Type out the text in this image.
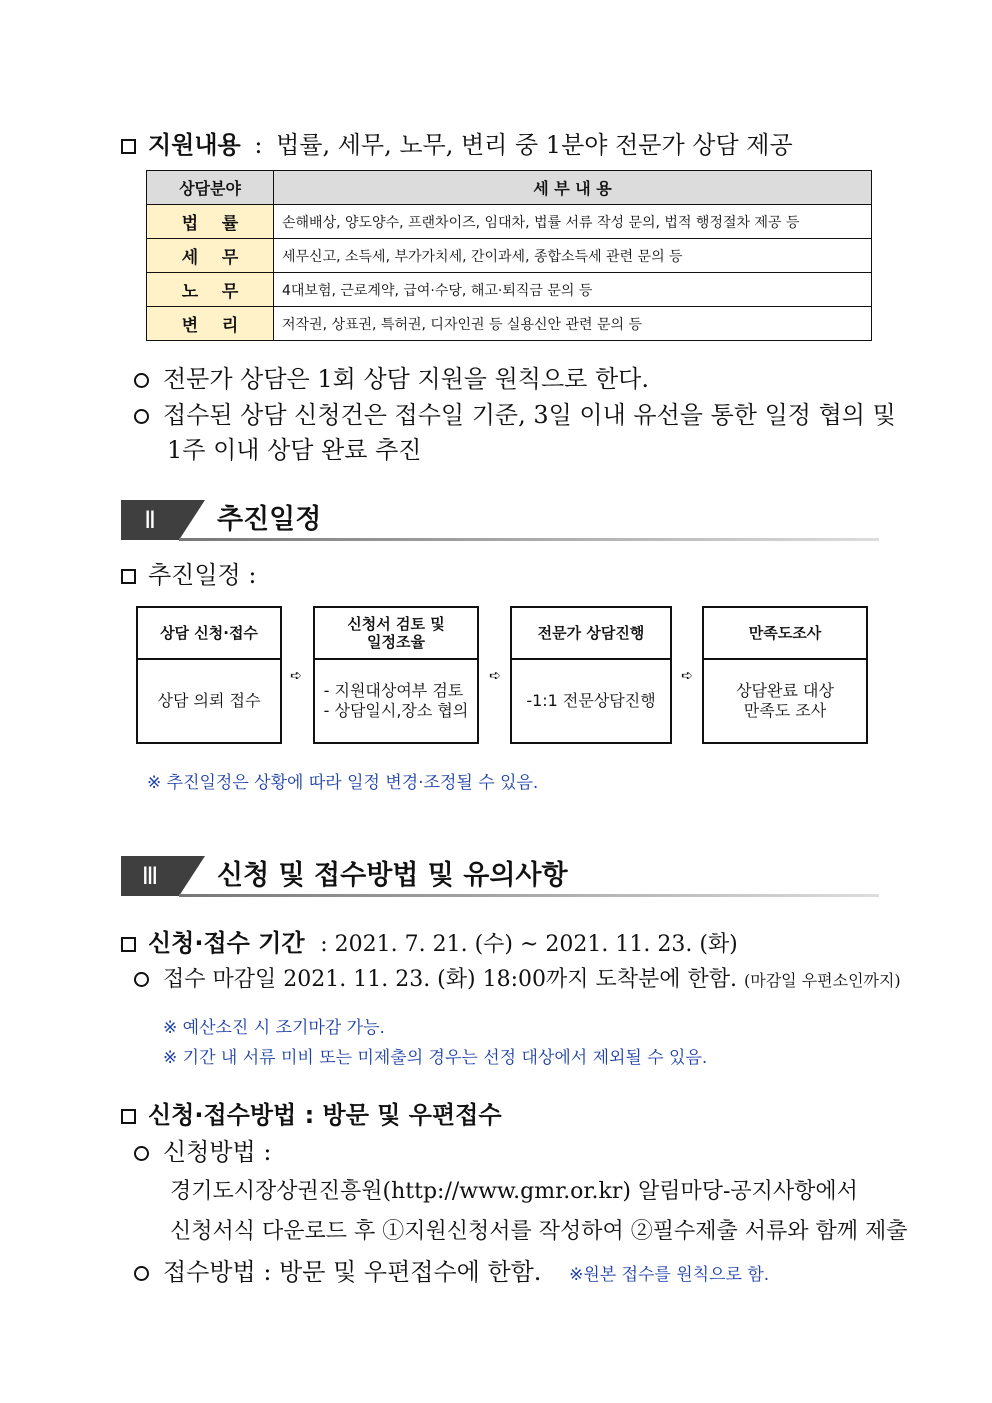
지원내용 : 법률, 세무, 노무, 변리 중 1분야 전문가 상담 제공
상담분야	세 부 내 용
법    률	손해배상, 양도양수, 프랜차이즈, 임대차, 법률 서류 작성 문의, 법적 행정절차 제공 등
세    무	세무신고, 소득세, 부가가치세, 간이과세, 종합소득세 관련 문의 등
노    무	4대보험, 근로계약, 급여·수당, 해고·퇴직금 문의 등
변    리	저작권, 상표권, 특허권, 디자인권 등 실용신안 관련 문의 등
전문가 상담은 1회 상담 지원을 원칙으로 한다.
접수된 상담 신청건은 접수일 기준, 3일 이내 유선을 통한 일정 협의 및
1주 이내 상담 완료 추진
Ⅱ	추진일정
추진일정 :
상담 신청·접수
상담 의뢰 접수
➪
신청서 검토 및
일정조율
- 지원대상여부 검토
- 상담일시,장소 협의
➪
전문가 상담진행
-1:1 전문상담진행
➪
만족도조사
상담완료 대상
만족도 조사
※ 추진일정은 상황에 따라 일정 변경·조정될 수 있음.
Ⅲ	신청 및 접수방법 및 유의사항
신청·접수 기간 : 2021. 7. 21. (수) ~ 2021. 11. 23. (화)
접수 마감일 2021. 11. 23. (화) 18:00까지 도착분에 한함. (마감일 우편소인까지)
※ 예산소진 시 조기마감 가능.
※ 기간 내 서류 미비 또는 미제출의 경우는 선정 대상에서 제외될 수 있음.
신청·접수방법 : 방문 및 우편접수
신청방법 :
경기도시장상권진흥원(http://www.gmr.or.kr) 알림마당-공지사항에서
신청서식 다운로드 후 ①지원신청서를 작성하여 ②필수제출 서류와 함께 제출
접수방법 : 방문 및 우편접수에 한함. ※원본 접수를 원칙으로 함.
